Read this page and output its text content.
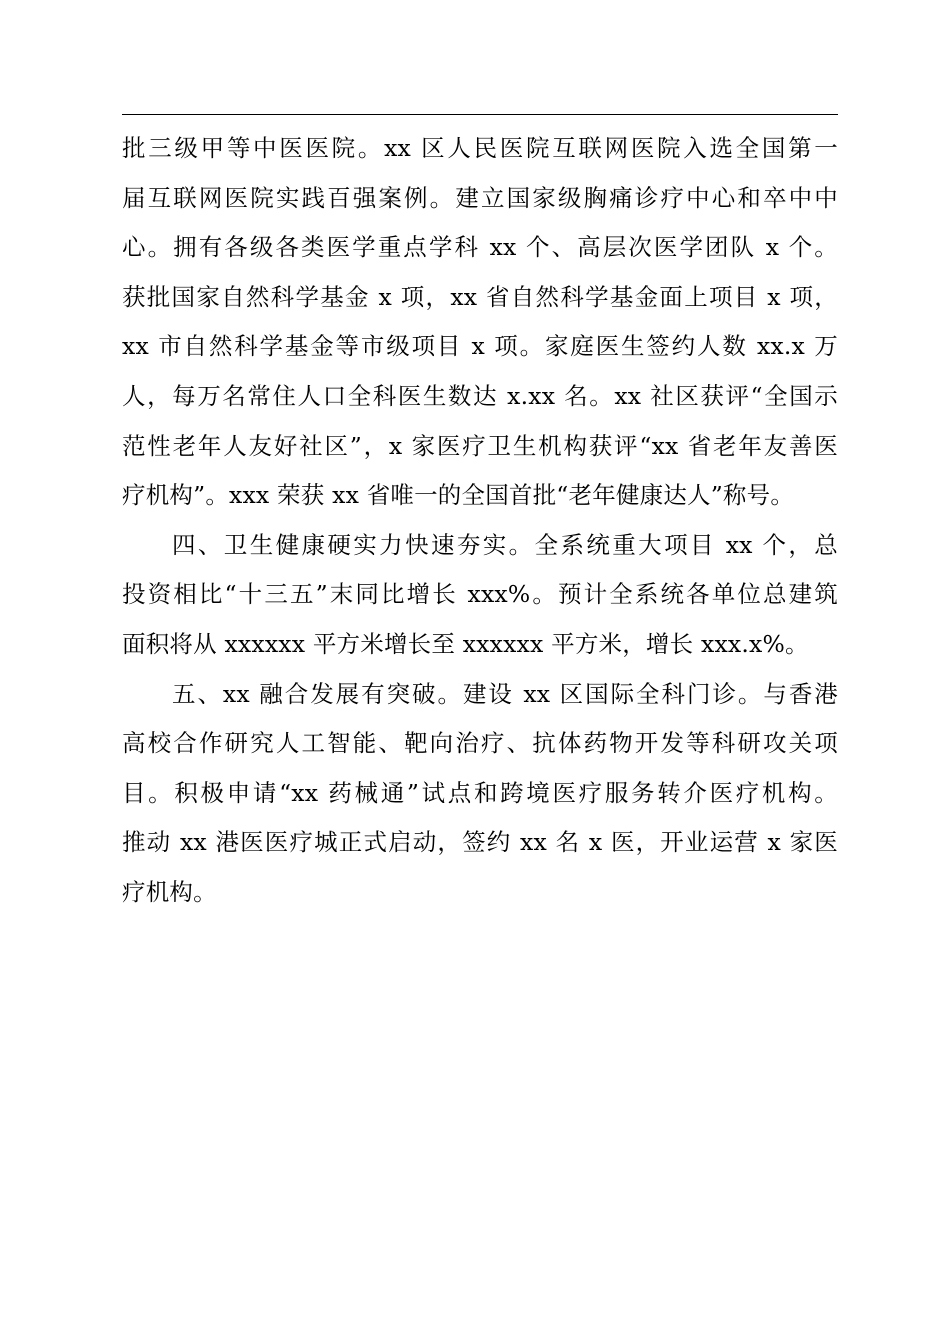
批三级甲等中医医院。xx 区人民医院互联网医院入选全国第一
届互联网医院实践百强案例。建立国家级胸痛诊疗中心和卒中中
心。拥有各级各类医学重点学科 xx 个、高层次医学团队 x 个。
获批国家自然科学基金 x 项，xx 省自然科学基金面上项目 x 项，
xx 市自然科学基金等市级项目 x 项。家庭医生签约人数 xx.x 万
人，每万名常住人口全科医生数达 x.xx 名。xx 社区获评“全国示
范性老年人友好社区”，x 家医疗卫生机构获评“xx 省老年友善医
疗机构”。xxx 荣获 xx 省唯一的全国首批“老年健康达人”称号。
四、卫生健康硬实力快速夯实。全系统重大项目 xx 个，总
投资相比“十三五”末同比增长 xxx%。预计全系统各单位总建筑
面积将从 xxxxxx 平方米增长至 xxxxxx 平方米，增长 xxx.x%。
五、xx 融合发展有突破。建设 xx 区国际全科门诊。与香港
高校合作研究人工智能、靶向治疗、抗体药物开发等科研攻关项
目。积极申请“xx 药械通”试点和跨境医疗服务转介医疗机构。
推动 xx 港医医疗城正式启动，签约 xx 名 x 医，开业运营 x 家医
疗机构。
